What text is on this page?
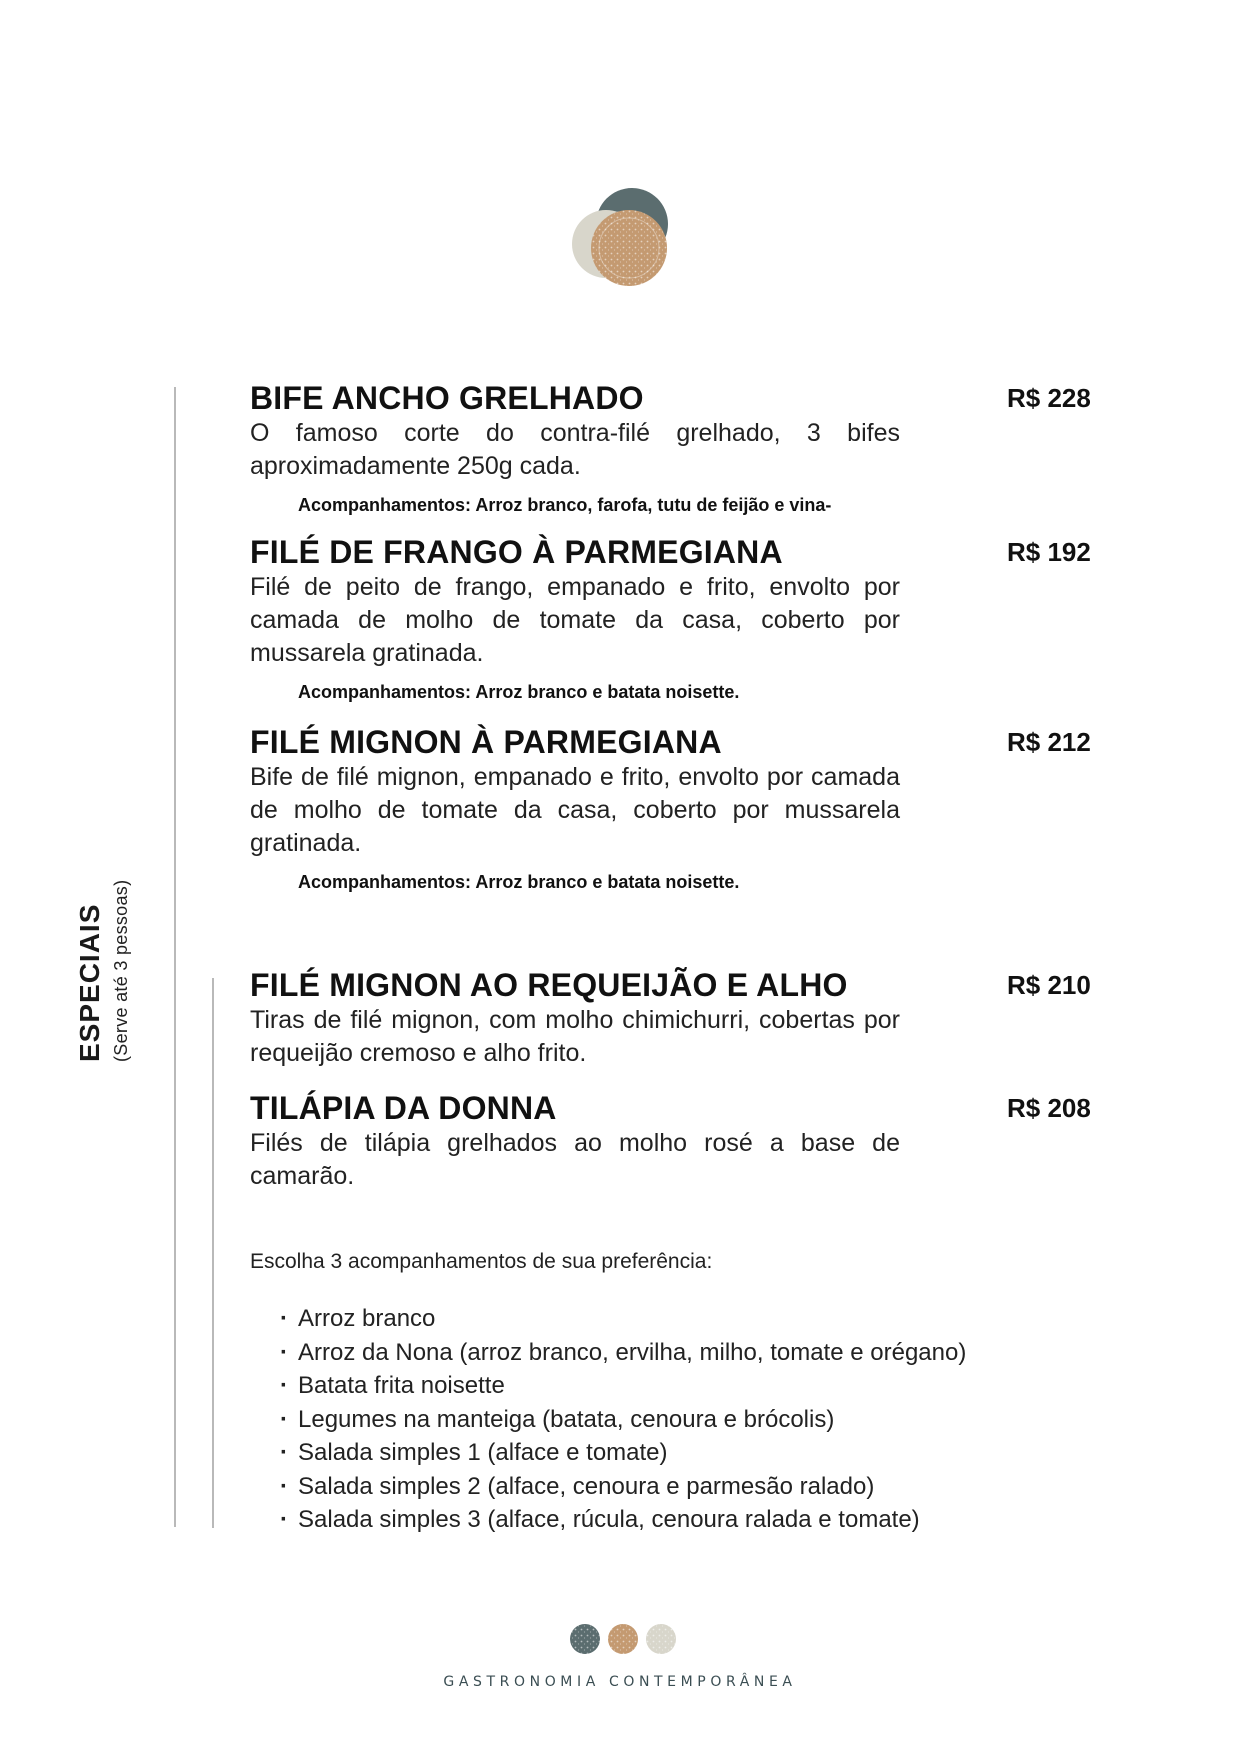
ESPECIAIS (Serve até 3 pessoas)
BIFE ANCHO GRELHADO	R$ 228

O famoso corte do contra-filé grelhado, 3 bifes aproximadamente 250g cada.

Acompanhamentos: Arroz branco, farofa, tutu de feijão e vina-

FILÉ DE FRANGO À PARMEGIANA	R$ 192

Filé de peito de frango, empanado e frito, envolto por camada de molho de tomate da casa, coberto por mussarela gratinada.

Acompanhamentos: Arroz branco e batata noisette.

FILÉ MIGNON À PARMEGIANA	R$ 212

Bife de filé mignon, empanado e frito, envolto por camada de molho de tomate da casa, coberto por mussarela gratinada.

Acompanhamentos: Arroz branco e batata noisette.

FILÉ MIGNON AO REQUEIJÃO E ALHO	R$ 210

Tiras de filé mignon, com molho chimichurri, cobertas por requeijão cremoso e alho frito.

TILÁPIA DA DONNA	R$ 208

Filés de tilápia grelhados ao molho rosé a base de camarão.

Escolha 3 acompanhamentos de sua preferência:

· Arroz branco
· Arroz da Nona (arroz branco, ervilha, milho, tomate e orégano)
· Batata frita noisette
· Legumes na manteiga (batata, cenoura e brócolis)
· Salada simples 1 (alface e tomate)
· Salada simples 2 (alface, cenoura e parmesão ralado)
· Salada simples 3 (alface, rúcula, cenoura ralada e tomate)
GASTRONOMIA CONTEMPORÂNEA
